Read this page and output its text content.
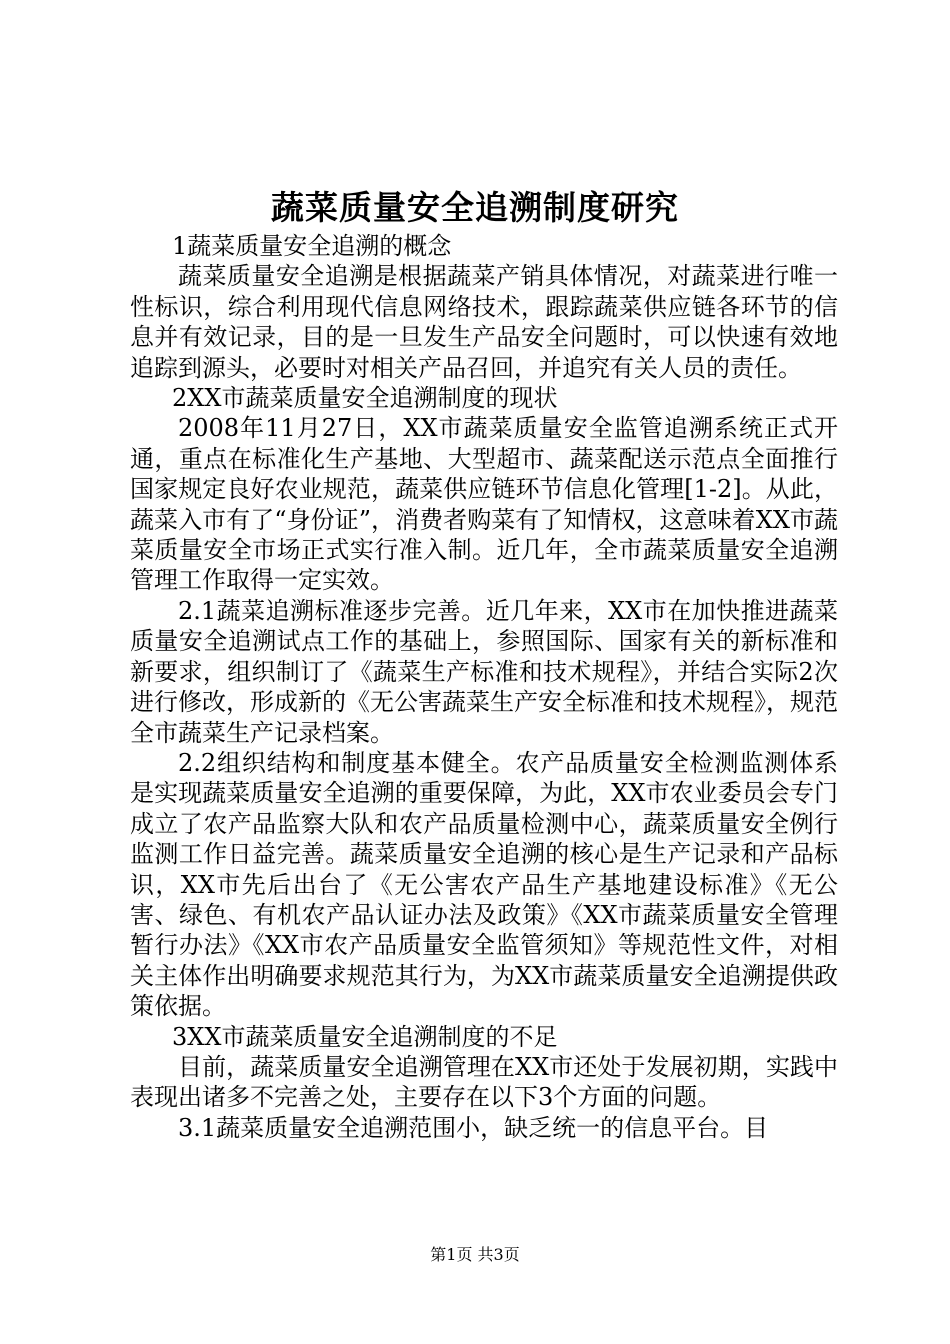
蔬菜质量安全追溯制度研究

1蔬菜质量安全追溯的概念

蔬菜质量安全追溯是根据蔬菜产销具体情况，对蔬菜进行唯一性标识，综合利用现代信息网络技术，跟踪蔬菜供应链各环节的信息并有效记录，目的是一旦发生产品安全问题时，可以快速有效地追踪到源头，必要时对相关产品召回，并追究有关人员的责任。

2XX市蔬菜质量安全追溯制度的现状

2008年11月27日，XX市蔬菜质量安全监管追溯系统正式开通，重点在标准化生产基地、大型超市、蔬菜配送示范点全面推行国家规定良好农业规范，蔬菜供应链环节信息化管理[1-2]。从此，蔬菜入市有了“身份证”，消费者购菜有了知情权，这意味着XX市蔬菜质量安全市场正式实行准入制。近几年，全市蔬菜质量安全追溯管理工作取得一定实效。

2.1蔬菜追溯标准逐步完善。近几年来，XX市在加快推进蔬菜质量安全追溯试点工作的基础上，参照国际、国家有关的新标准和新要求，组织制订了《蔬菜生产标准和技术规程》，并结合实际2次进行修改，形成新的《无公害蔬菜生产安全标准和技术规程》，规范全市蔬菜生产记录档案。

2.2组织结构和制度基本健全。农产品质量安全检测监测体系是实现蔬菜质量安全追溯的重要保障，为此，XX市农业委员会专门成立了农产品监察大队和农产品质量检测中心，蔬菜质量安全例行监测工作日益完善。蔬菜质量安全追溯的核心是生产记录和产品标识，XX市先后出台了《无公害农产品生产基地建设标准》《无公害、绿色、有机农产品认证办法及政策》《XX市蔬菜质量安全管理暂行办法》《XX市农产品质量安全监管须知》等规范性文件，对相关主体作出明确要求规范其行为，为XX市蔬菜质量安全追溯提供政策依据。

3XX市蔬菜质量安全追溯制度的不足

目前，蔬菜质量安全追溯管理在XX市还处于发展初期，实践中表现出诸多不完善之处，主要存在以下3个方面的问题。

3.1蔬菜质量安全追溯范围小，缺乏统一的信息平台。目

第1页 共3页
